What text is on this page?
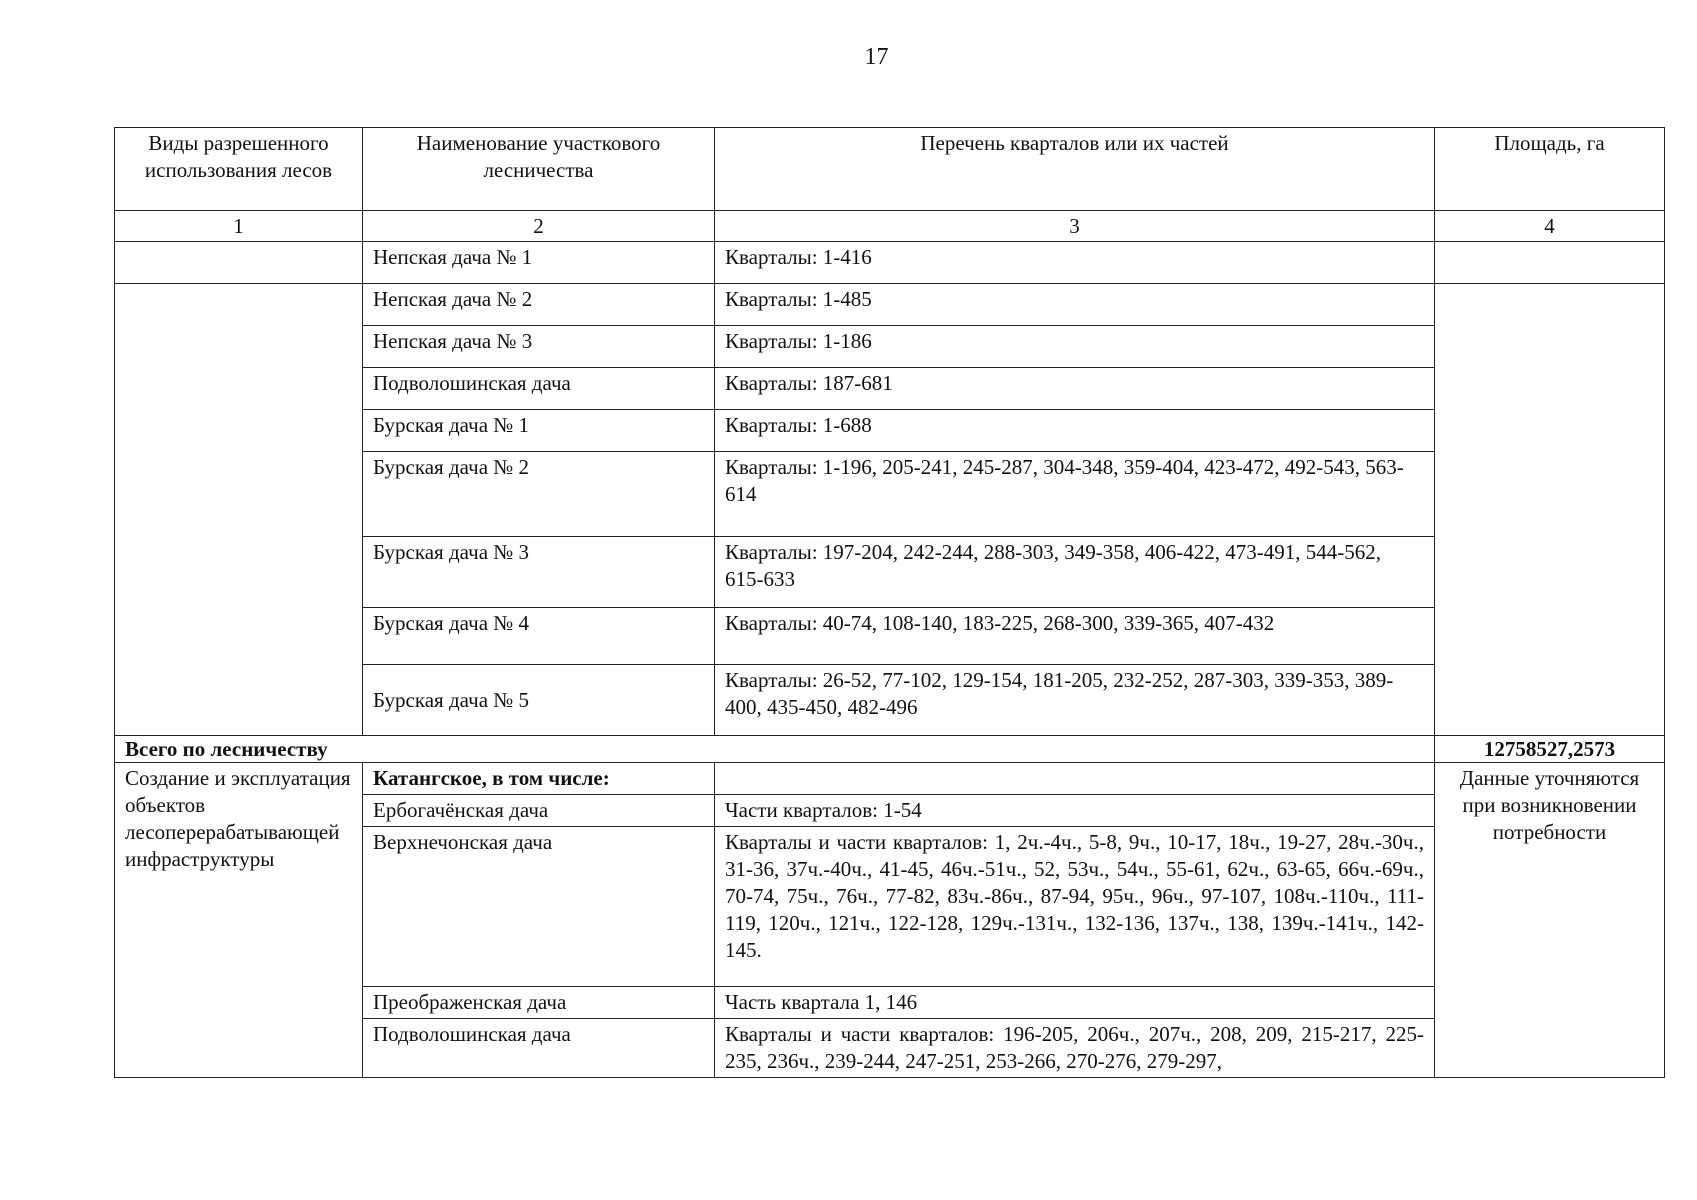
17
Виды разрешенного использования лесов	Наименование участкового лесничества	Перечень кварталов или их частей	Площадь, га
1	2	3	4
	Непская дача № 1	Кварталы: 1-416	
	Непская дача № 2	Кварталы: 1-485	
	Непская дача № 3	Кварталы: 1-186	
	Подволошинская дача	Кварталы: 187-681	
	Бурская дача № 1	Кварталы: 1-688	
	Бурская дача № 2	Кварталы: 1-196, 205-241, 245-287, 304-348, 359-404, 423-472, 492-543, 563-614	
	Бурская дача № 3	Кварталы: 197-204, 242-244, 288-303, 349-358, 406-422, 473-491, 544-562, 615-633	
	Бурская дача № 4	Кварталы: 40-74, 108-140, 183-225, 268-300, 339-365, 407-432	
	Бурская дача № 5	Кварталы: 26-52, 77-102, 129-154, 181-205, 232-252, 287-303, 339-353, 389-400, 435-450, 482-496	
Всего по лесничеству			12758527,2573
Создание и эксплуатация объектов лесоперерабатывающей инфраструктуры	Катангское, в том числе:		Данные уточняются при возникновении потребности
	Ербогачёнская дача	Части кварталов: 1-54	
	Верхнечонская дача	Кварталы и части кварталов: 1, 2ч.-4ч., 5-8, 9ч., 10-17, 18ч., 19-27, 28ч.-30ч., 31-36, 37ч.-40ч., 41-45, 46ч.-51ч., 52, 53ч., 54ч., 55-61, 62ч., 63-65, 66ч.-69ч., 70-74, 75ч., 76ч., 77-82, 83ч.-86ч., 87-94, 95ч., 96ч., 97-107, 108ч.-110ч., 111-119, 120ч., 121ч., 122-128, 129ч.-131ч., 132-136, 137ч., 138, 139ч.-141ч., 142-145.	
	Преображенская дача	Часть квартала 1, 146	
	Подволошинская дача	Кварталы и части кварталов: 196-205, 206ч., 207ч., 208, 209, 215-217, 225-235, 236ч., 239-244, 247-251, 253-266, 270-276, 279-297,	
